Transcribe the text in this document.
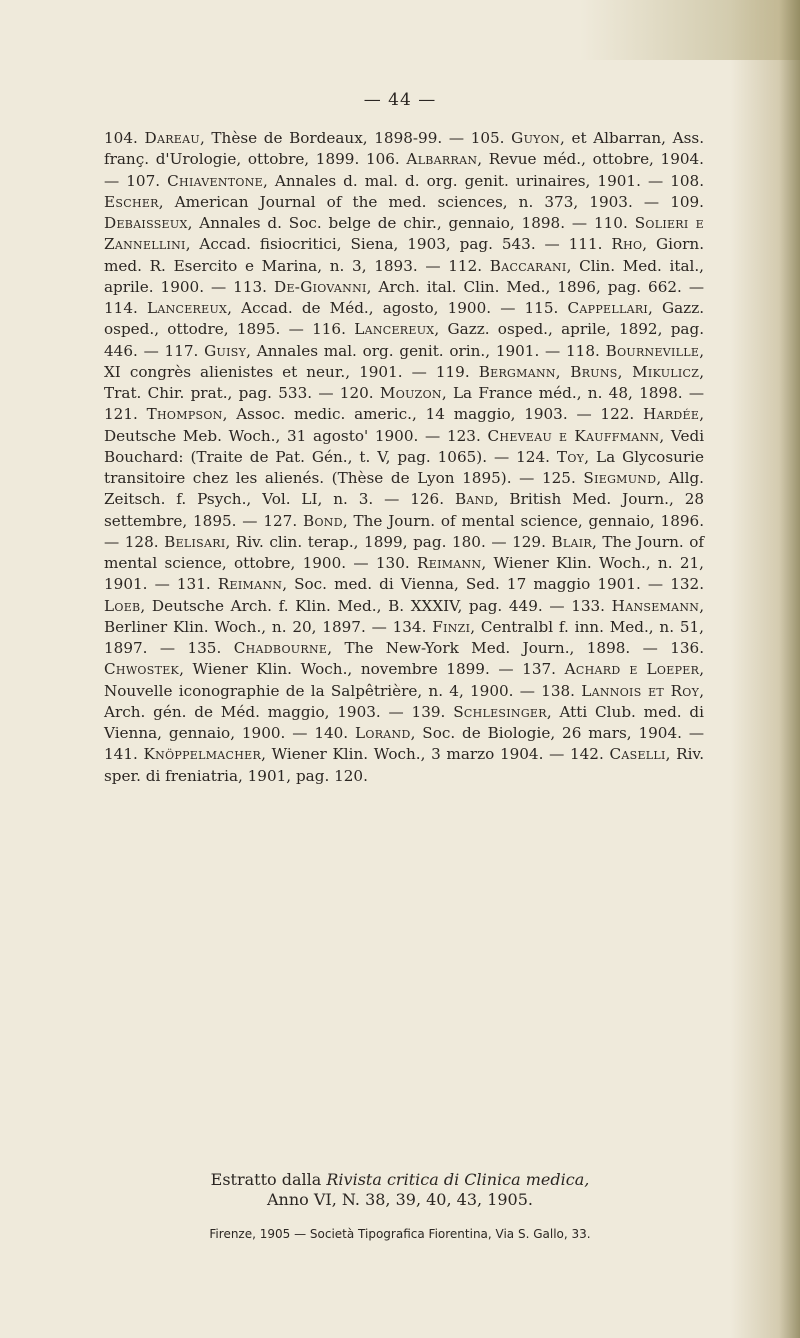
— 44 —
104. Dareau, Thèse de Bordeaux, 1898-99. — 105. Guyon, et Albarran, Ass. franç. d'Urologie, ottobre, 1899. 106. Albarran, Revue méd., ottobre, 1904. — 107. Chiaventone, Annales d. mal. d. org. genit. urinaires, 1901. — 108. Escher, American Journal of the med. sciences, n. 373, 1903. — 109. Debaisseux, Annales d. Soc. belge de chir., gennaio, 1898. — 110. Solieri e Zannellini, Accad. fisiocritici, Siena, 1903, pag. 543. — 111. Rho, Giorn. med. R. Esercito e Marina, n. 3, 1893. — 112. Baccarani, Clin. Med. ital., aprile. 1900. — 113. De-Giovanni, Arch. ital. Clin. Med., 1896, pag. 662. — 114. Lancereux, Accad. de Méd., agosto, 1900. — 115. Cappellari, Gazz. osped., ottodre, 1895. — 116. Lancereux, Gazz. osped., aprile, 1892, pag. 446. — 117. Guisy, Annales mal. org. genit. orin., 1901. — 118. Bourneville, XI congrès alienistes et neur., 1901. — 119. Bergmann, Bruns, Mikulicz, Trat. Chir. prat., pag. 533. — 120. Mouzon, La France méd., n. 48, 1898. — 121. Thompson, Assoc. medic. americ., 14 maggio, 1903. — 122. Hardée, Deutsche Meb. Woch., 31 agosto' 1900. — 123. Cheveau e Kauffmann, Vedi Bouchard: (Traite de Pat. Gén., t. V, pag. 1065). — 124. Toy, La Glycosurie transitoire chez les alienés. (Thèse de Lyon 1895). — 125. Siegmund, Allg. Zeitsch. f. Psych., Vol. LI, n. 3. — 126. Band, British Med. Journ., 28 settembre, 1895. — 127. Bond, The Journ. of mental science, gennaio, 1896. — 128. Belisari, Riv. clin. terap., 1899, pag. 180. — 129. Blair, The Journ. of mental science, ottobre, 1900. — 130. Reimann, Wiener Klin. Woch., n. 21, 1901. — 131. Reimann, Soc. med. di Vienna, Sed. 17 maggio 1901. — 132. Loeb, Deutsche Arch. f. Klin. Med., B. XXXIV, pag. 449. — 133. Hansemann, Berliner Klin. Woch., n. 20, 1897. — 134. Finzi, Centralbl f. inn. Med., n. 51, 1897. — 135. Chadbourne, The New-York Med. Journ., 1898. — 136. Chwostek, Wiener Klin. Woch., novembre 1899. — 137. Achard e Loeper, Nouvelle iconographie de la Salpêtrière, n. 4, 1900. — 138. Lannois et Roy, Arch. gén. de Méd. maggio, 1903. — 139. Schlesinger, Atti Club. med. di Vienna, gennaio, 1900. — 140. Lorand, Soc. de Biologie, 26 mars, 1904. — 141. Knöppelmacher, Wiener Klin. Woch., 3 marzo 1904. — 142. Caselli, Riv. sper. di freniatria, 1901, pag. 120.
Estratto dalla Rivista critica di Clinica medica,
Anno VI, N. 38, 39, 40, 43, 1905.
Firenze, 1905 — Società Tipografica Fiorentina, Via S. Gallo, 33.
